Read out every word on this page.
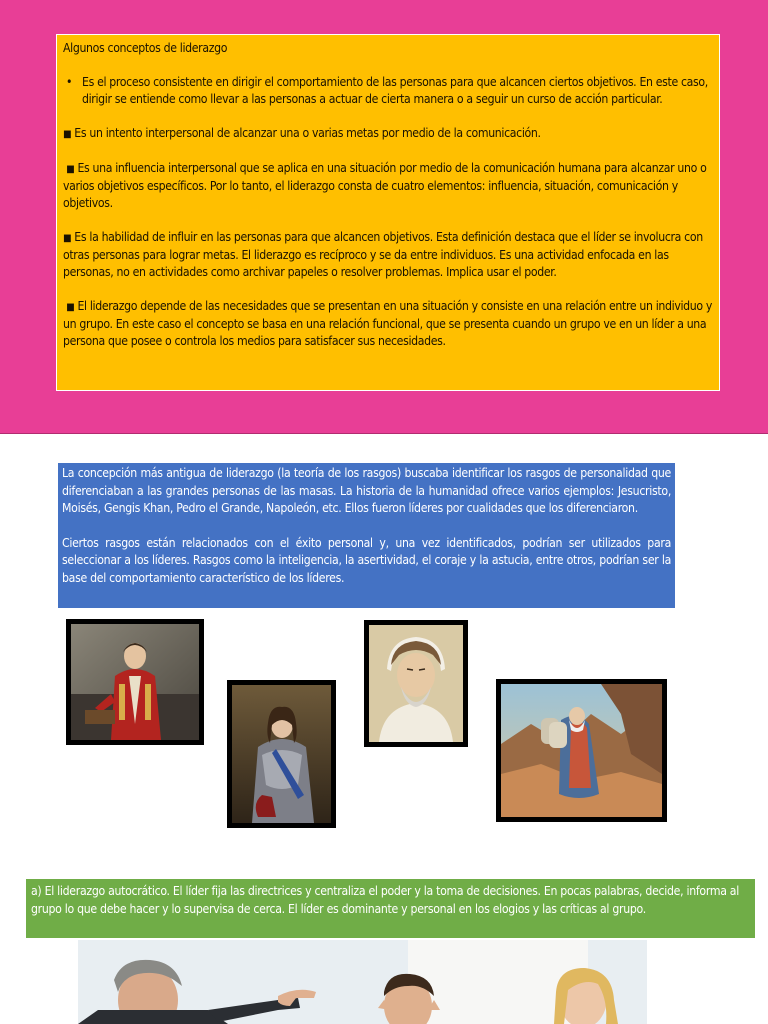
Algunos conceptos de liderazgo

• Es el proceso consistente en dirigir el comportamiento de las personas para que alcancen ciertos objetivos. En este caso, dirigir se entiende como llevar a las personas a actuar de cierta manera o a seguir un curso de acción particular.

■ Es un intento interpersonal de alcanzar una o varias metas por medio de la comunicación.

■ Es una influencia interpersonal que se aplica en una situación por medio de la comunicación humana para alcanzar uno o varios objetivos específicos. Por lo tanto, el liderazgo consta de cuatro elementos: influencia, situación, comunicación y objetivos.

■ Es la habilidad de influir en las personas para que alcancen objetivos. Esta definición destaca que el líder se involucra con otras personas para lograr metas. El liderazgo es recíproco y se da entre individuos. Es una actividad enfocada en las personas, no en actividades como archivar papeles o resolver problemas. Implica usar el poder.

■ El liderazgo depende de las necesidades que se presentan en una situación y consiste en una relación entre un individuo y un grupo. En este caso el concepto se basa en una relación funcional, que se presenta cuando un grupo ve en un líder a una persona que posee o controla los medios para satisfacer sus necesidades.

La concepción más antigua de liderazgo (la teoría de los rasgos) buscaba identificar los rasgos de personalidad que diferenciaban a las grandes personas de las masas. La historia de la humanidad ofrece varios ejemplos: Jesucristo, Moisés, Gengis Khan, Pedro el Grande, Napoleón, etc. Ellos fueron líderes por cualidades que los diferenciaron.

Ciertos rasgos están relacionados con el éxito personal y, una vez identificados, podrían ser utilizados para seleccionar a los líderes. Rasgos como la inteligencia, la asertividad, el coraje y la astucia, entre otros, podrían ser la base del comportamiento característico de los líderes.

a) El liderazgo autocrático. El líder fija las directrices y centraliza el poder y la toma de decisiones. En pocas palabras, decide, informa al grupo lo que debe hacer y lo supervisa de cerca. El líder es dominante y personal en los elogios y las críticas al grupo.
